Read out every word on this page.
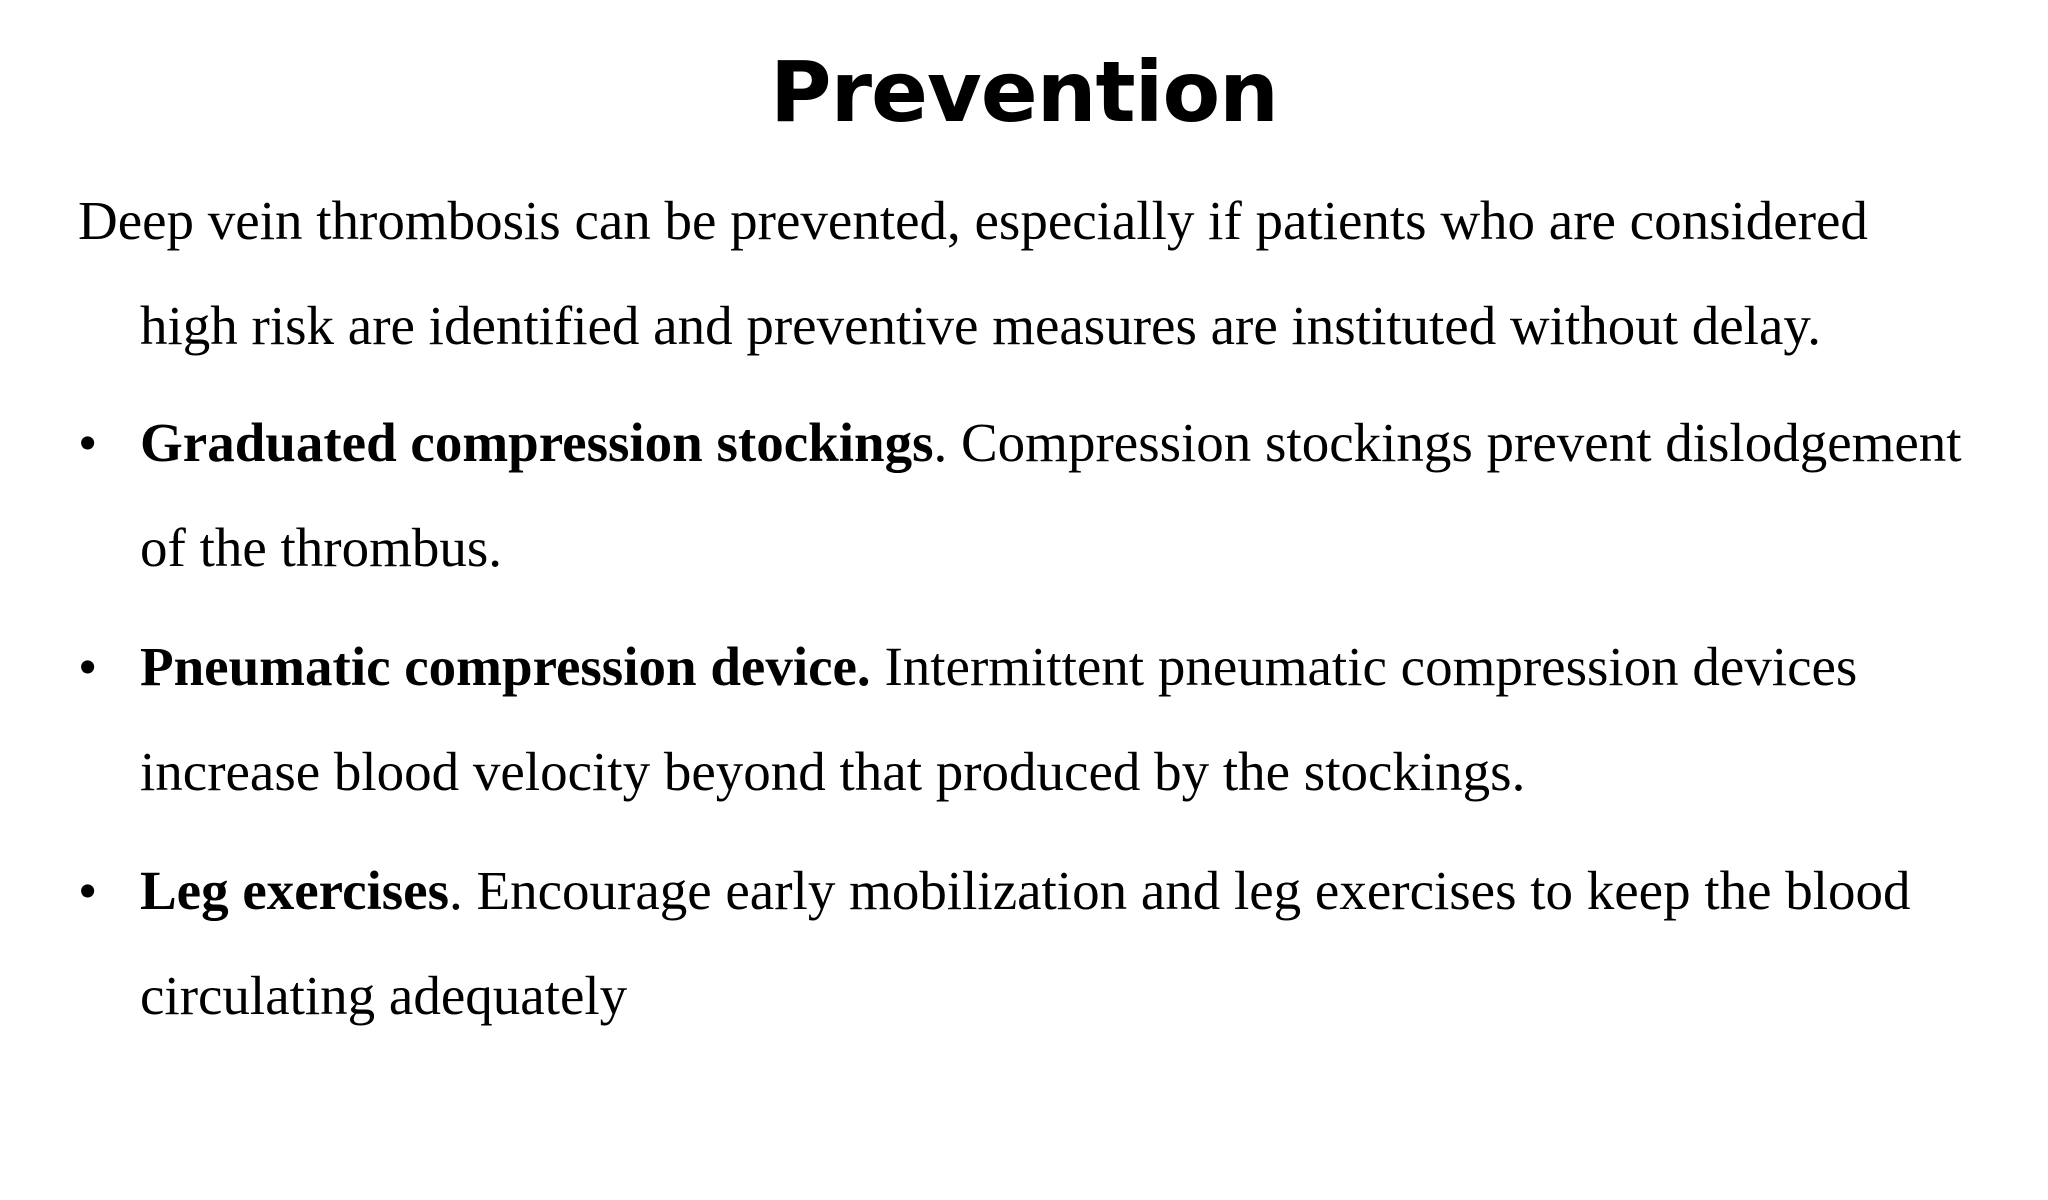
Prevention

Deep vein thrombosis can be prevented, especially if patients who are considered
high risk are identified and preventive measures are instituted without delay.

• Graduated compression stockings. Compression stockings prevent dislodgement of the thrombus.
• Pneumatic compression device. Intermittent pneumatic compression devices increase blood velocity beyond that produced by the stockings.
• Leg exercises. Encourage early mobilization and leg exercises to keep the blood circulating adequately
